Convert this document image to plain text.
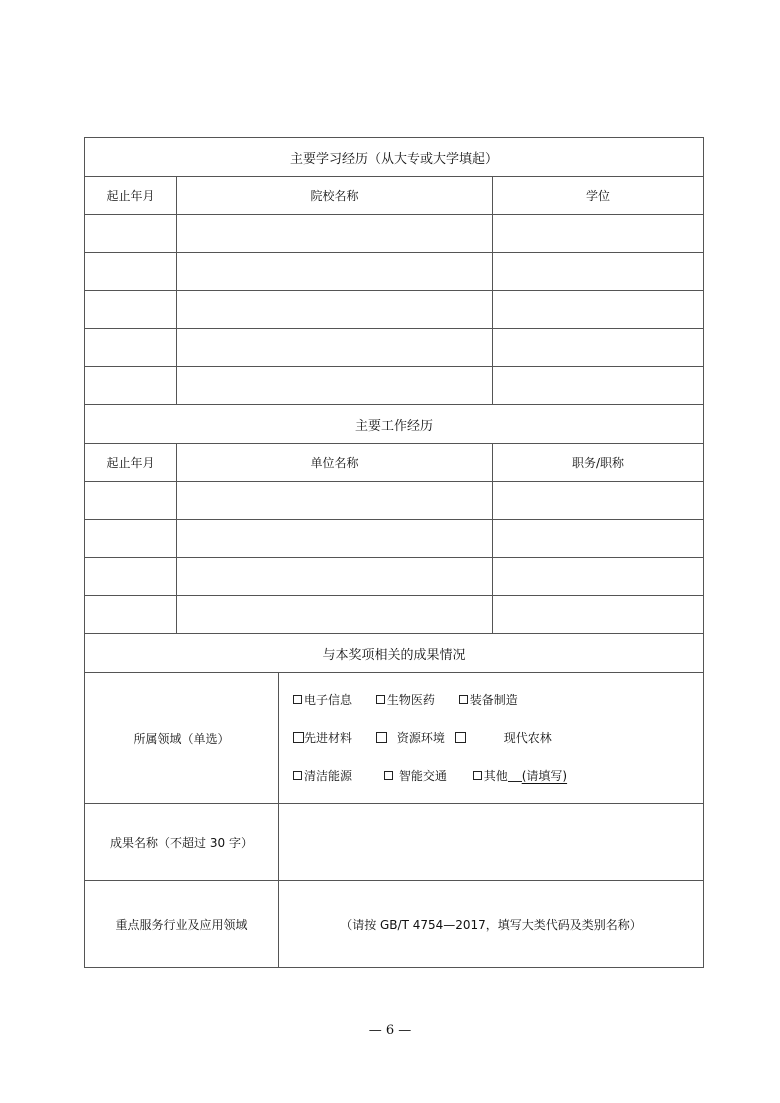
主要学习经历（从大专或大学填起）			
起止年月	院校名称		学位

主要工作经历			
起止年月	单位名称		职务/职称

与本奖项相关的成果情况			
所属领域（单选）		电子信息 生物医药 装备制造
先进材料 资源环境 现代农林
清洁能源 智能交通 其他 (请填写)	

成果名称（不超过 30 字）			
重点服务行业及应用领域		（请按 GB/T 4754—2017，填写大类代码及类别名称）	
— 6 —
